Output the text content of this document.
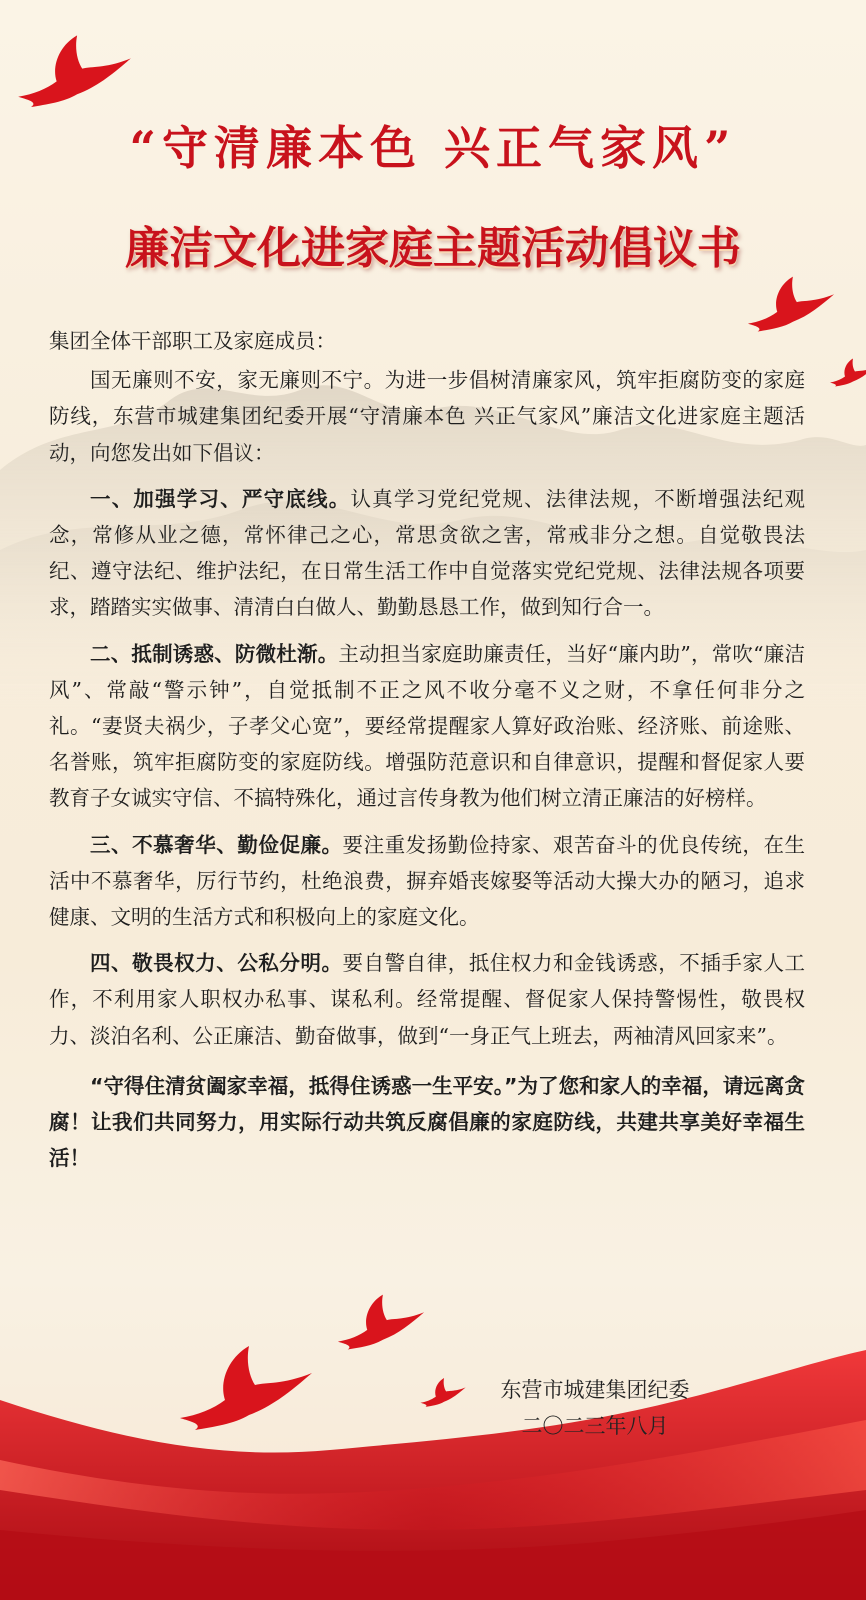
“守清廉本色 兴正气家风”
廉洁文化进家庭主题活动倡议书

集团全体干部职工及家庭成员：

国无廉则不安，家无廉则不宁。为进一步倡树清廉家风，筑牢拒腐防变的家庭防线，东营市城建集团纪委开展“守清廉本色 兴正气家风”廉洁文化进家庭主题活动，向您发出如下倡议：

一、加强学习、严守底线。认真学习党纪党规、法律法规，不断增强法纪观念，常修从业之德，常怀律己之心，常思贪欲之害，常戒非分之想。自觉敬畏法纪、遵守法纪、维护法纪，在日常生活工作中自觉落实党纪党规、法律法规各项要求，踏踏实实做事、清清白白做人、勤勤恳恳工作，做到知行合一。

二、抵制诱惑、防微杜渐。主动担当家庭助廉责任，当好“廉内助”，常吹“廉洁风”、常敲“警示钟”，自觉抵制不正之风不收分毫不义之财，不拿任何非分之礼。“妻贤夫祸少，子孝父心宽”，要经常提醒家人算好政治账、经济账、前途账、名誉账，筑牢拒腐防变的家庭防线。增强防范意识和自律意识，提醒和督促家人要教育子女诚实守信、不搞特殊化，通过言传身教为他们树立清正廉洁的好榜样。

三、不慕奢华、勤俭促廉。要注重发扬勤俭持家、艰苦奋斗的优良传统，在生活中不慕奢华，厉行节约，杜绝浪费，摒弃婚丧嫁娶等活动大操大办的陋习，追求健康、文明的生活方式和积极向上的家庭文化。

四、敬畏权力、公私分明。要自警自律，抵住权力和金钱诱惑，不插手家人工作，不利用家人职权办私事、谋私利。经常提醒、督促家人保持警惕性，敬畏权力、淡泊名利、公正廉洁、勤奋做事，做到“一身正气上班去，两袖清风回家来”。

“守得住清贫阖家幸福，抵得住诱惑一生平安。”为了您和家人的幸福，请远离贪腐！让我们共同努力，用实际行动共筑反腐倡廉的家庭防线，共建共享美好幸福生活！

东营市城建集团纪委
二〇二三年八月
